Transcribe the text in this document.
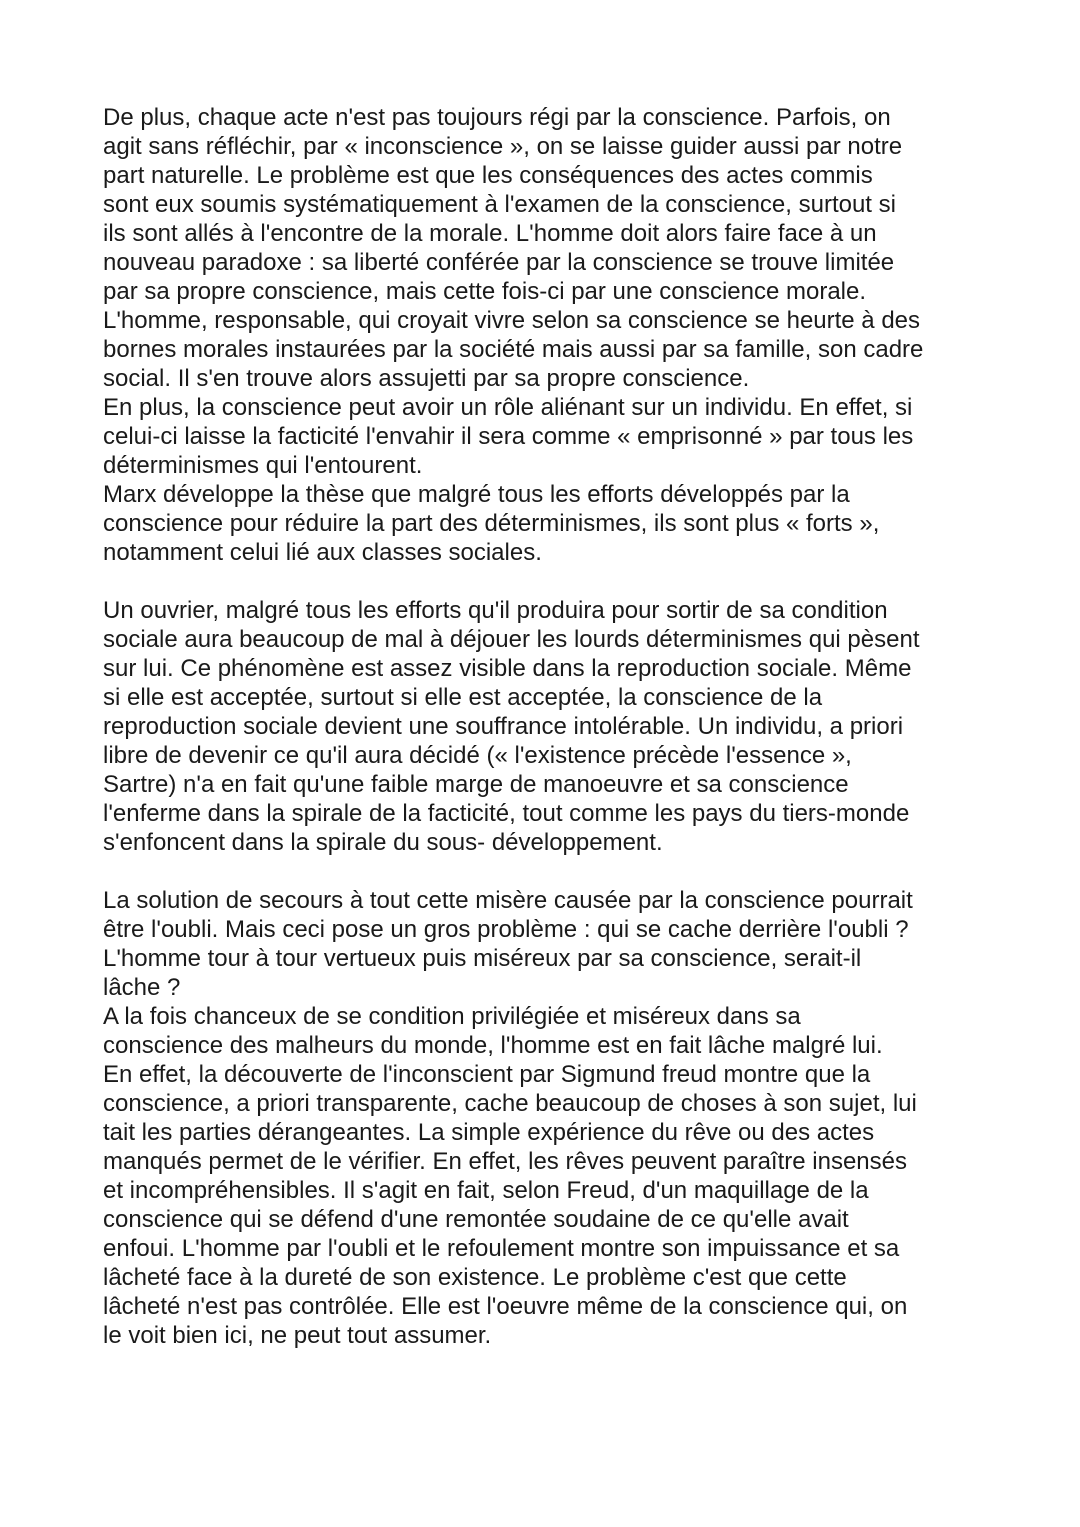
De plus, chaque acte n'est pas toujours régi par la conscience. Parfois, on
agit sans réfléchir, par « inconscience », on se laisse guider aussi par notre
part naturelle. Le problème est que les conséquences des actes commis
sont eux soumis systématiquement à l'examen de la conscience, surtout si
ils sont allés à l'encontre de la morale. L'homme doit alors faire face à un
nouveau paradoxe : sa liberté conférée par la conscience se trouve limitée
par sa propre conscience, mais cette fois-ci par une conscience morale.
L'homme, responsable, qui croyait vivre selon sa conscience se heurte à des
bornes morales instaurées par la société mais aussi par sa famille, son cadre
social. Il s'en trouve alors assujetti par sa propre conscience.
En plus, la conscience peut avoir un rôle aliénant sur un individu. En effet, si
celui-ci laisse la facticité l'envahir il sera comme « emprisonné » par tous les
déterminismes qui l'entourent.
Marx développe la thèse que malgré tous les efforts développés par la
conscience pour réduire la part des déterminismes, ils sont plus « forts »,
notamment celui lié aux classes sociales.
Un ouvrier, malgré tous les efforts qu'il produira pour sortir de sa condition
sociale aura beaucoup de mal à déjouer les lourds déterminismes qui pèsent
sur lui. Ce phénomène est assez visible dans la reproduction sociale. Même
si elle est acceptée, surtout si elle est acceptée, la conscience de la
reproduction sociale devient une souffrance intolérable. Un individu, a priori
libre de devenir ce qu'il aura décidé (« l'existence précède l'essence »,
Sartre) n'a en fait qu'une faible marge de manoeuvre et sa conscience
l'enferme dans la spirale de la facticité, tout comme les pays du tiers-monde
s'enfoncent dans la spirale du sous- développement.
La solution de secours à tout cette misère causée par la conscience pourrait
être l'oubli. Mais ceci pose un gros problème : qui se cache derrière l'oubli ?
L'homme tour à tour vertueux puis miséreux par sa conscience, serait-il
lâche ?
A la fois chanceux de se condition privilégiée et miséreux dans sa
conscience des malheurs du monde, l'homme est en fait lâche malgré lui.
En effet, la découverte de l'inconscient par Sigmund freud montre que la
conscience, a priori transparente, cache beaucoup de choses à son sujet, lui
tait les parties dérangeantes. La simple expérience du rêve ou des actes
manqués permet de le vérifier. En effet, les rêves peuvent paraître insensés
et incompréhensibles. Il s'agit en fait, selon Freud, d'un maquillage de la
conscience qui se défend d'une remontée soudaine de ce qu'elle avait
enfoui. L'homme par l'oubli et le refoulement montre son impuissance et sa
lâcheté face à la dureté de son existence. Le problème c'est que cette
lâcheté n'est pas contrôlée. Elle est l'oeuvre même de la conscience qui, on
le voit bien ici, ne peut tout assumer.
